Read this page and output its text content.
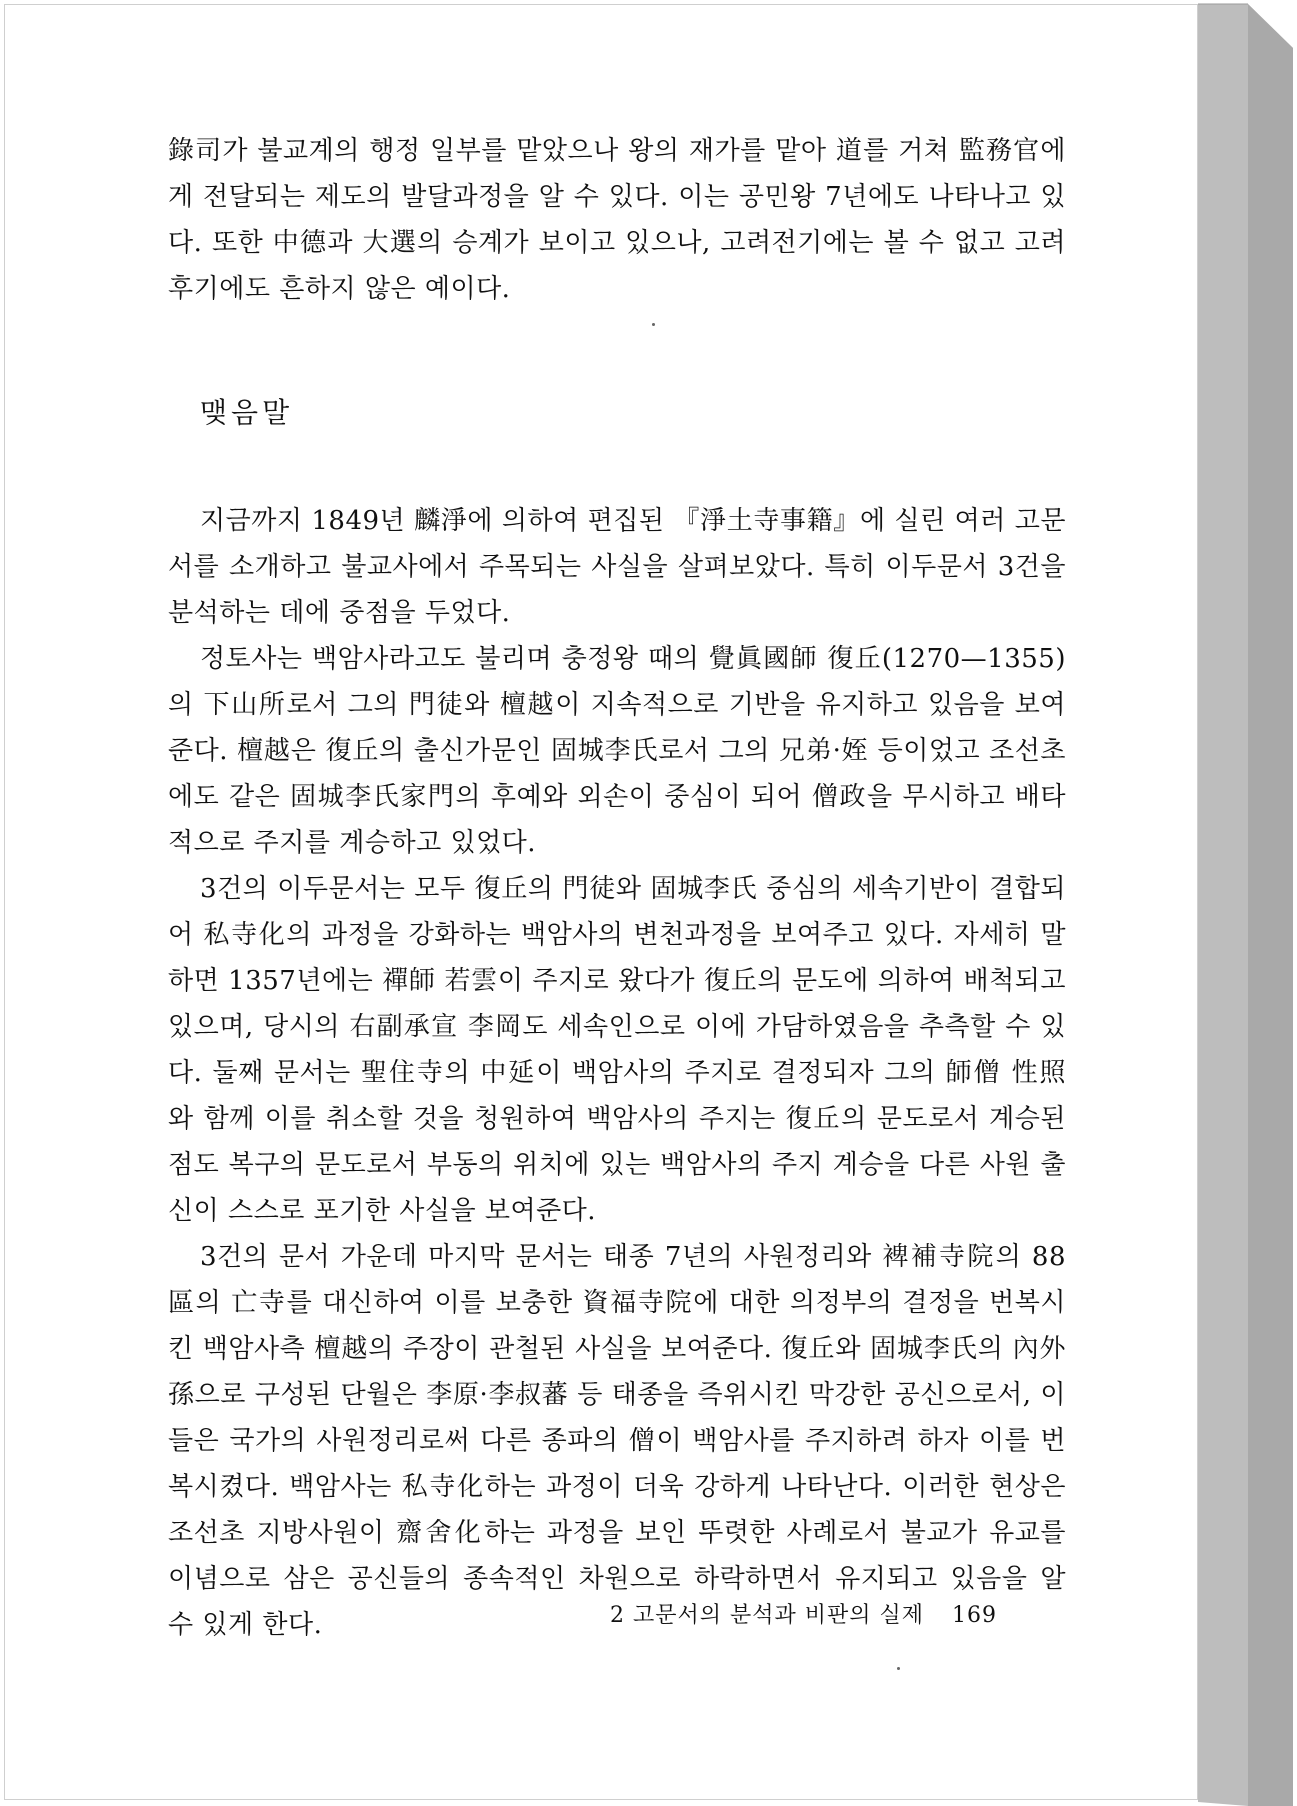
錄司가 불교계의 행정 일부를 맡았으나 왕의 재가를 맡아 道를 거쳐 監務官에게 전달되는 제도의 발달과정을 알 수 있다. 이는 공민왕 7년에도 나타나고 있다. 또한 中德과 大選의 승계가 보이고 있으나, 고려전기에는 볼 수 없고 고려후기에도 흔하지 않은 예이다.

맺음말

지금까지 1849년 麟淨에 의하여 편집된 『淨土寺事籍』에 실린 여러 고문서를 소개하고 불교사에서 주목되는 사실을 살펴보았다. 특히 이두문서 3건을 분석하는 데에 중점을 두었다.

정토사는 백암사라고도 불리며 충정왕 때의 覺眞國師 復丘(1270—1355)의 下山所로서 그의 門徒와 檀越이 지속적으로 기반을 유지하고 있음을 보여준다. 檀越은 復丘의 출신가문인 固城李氏로서 그의 兄弟·姪 등이었고 조선초에도 같은 固城李氏家門의 후예와 외손이 중심이 되어 僧政을 무시하고 배타적으로 주지를 계승하고 있었다.

3건의 이두문서는 모두 復丘의 門徒와 固城李氏 중심의 세속기반이 결합되어 私寺化의 과정을 강화하는 백암사의 변천과정을 보여주고 있다. 자세히 말하면 1357년에는 禪師 若雲이 주지로 왔다가 復丘의 문도에 의하여 배척되고 있으며, 당시의 右副承宣 李岡도 세속인으로 이에 가담하였음을 추측할 수 있다. 둘째 문서는 聖住寺의 中延이 백암사의 주지로 결정되자 그의 師僧 性照와 함께 이를 취소할 것을 청원하여 백암사의 주지는 復丘의 문도로서 계승된 점도 복구의 문도로서 부동의 위치에 있는 백암사의 주지 계승을 다른 사원 출신이 스스로 포기한 사실을 보여준다.

3건의 문서 가운데 마지막 문서는 태종 7년의 사원정리와 裨補寺院의 88區의 亡寺를 대신하여 이를 보충한 資福寺院에 대한 의정부의 결정을 번복시킨 백암사측 檀越의 주장이 관철된 사실을 보여준다. 復丘와 固城李氏의 內外孫으로 구성된 단월은 李原·李叔蕃 등 태종을 즉위시킨 막강한 공신으로서, 이들은 국가의 사원정리로써 다른 종파의 僧이 백암사를 주지하려 하자 이를 번복시켰다. 백암사는 私寺化하는 과정이 더욱 강하게 나타난다. 이러한 현상은 조선초 지방사원이 齋舍化하는 과정을 보인 뚜렷한 사례로서 불교가 유교를 이념으로 삼은 공신들의 종속적인 차원으로 하락하면서 유지되고 있음을 알 수 있게 한다.	2 고문서의 분석과 비판의 실제 169
